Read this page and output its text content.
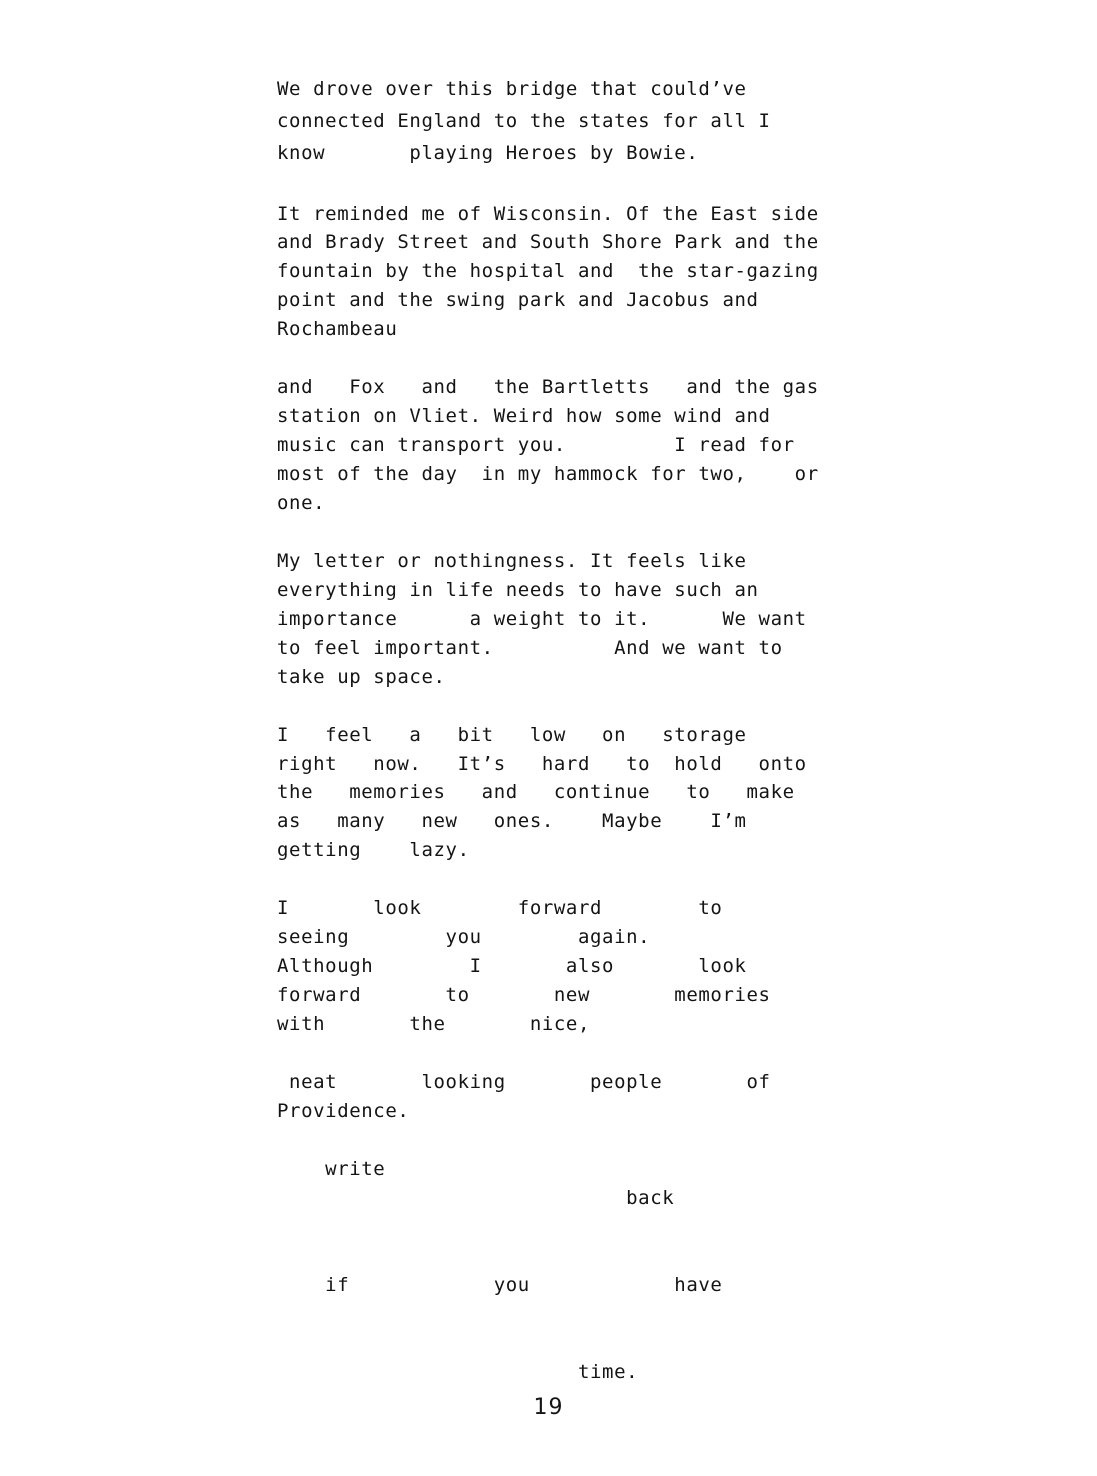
We drove over this bridge that could’ve
connected England to the states for all I
know       playing Heroes by Bowie.
It reminded me of Wisconsin. Of the East side
and Brady Street and South Shore Park and the
fountain by the hospital and  the star-gazing
point and the swing park and Jacobus and
Rochambeau
and   Fox   and   the Bartletts   and the gas
station on Vliet. Weird how some wind and
music can transport you.         I read for
most of the day  in my hammock for two,    or
one.
My letter or nothingness. It feels like
everything in life needs to have such an
importance      a weight to it.      We want
to feel important.          And we want to
take up space.
I   feel   a   bit   low   on   storage
right   now.   It’s   hard   to  hold   onto
the   memories   and   continue   to   make
as   many   new   ones.    Maybe    I’m
getting    lazy.
I       look        forward        to
seeing        you        again.
Although        I       also       look
forward       to       new       memories
with       the       nice,
neat       looking       people       of
Providence.
write
back
if            you            have
time.
19
